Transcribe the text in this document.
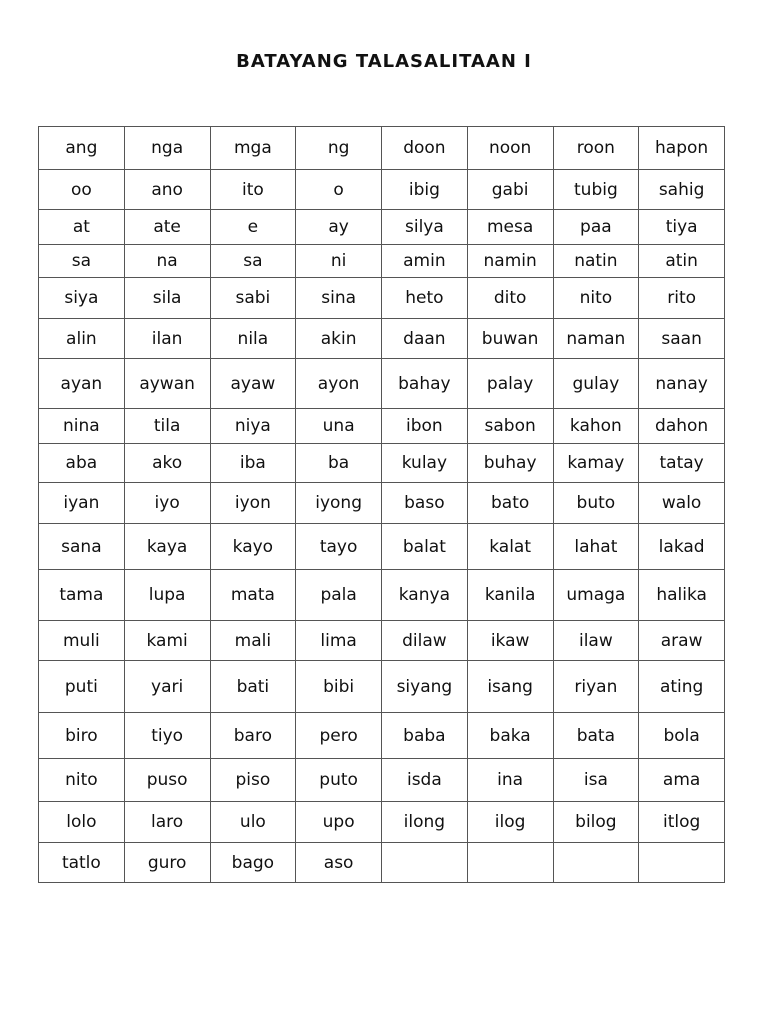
BATAYANG TALASALITAAN I
ang	nga	mga	ng	doon	noon	roon	hapon
oo	ano	ito	o	ibig	gabi	tubig	sahig
at	ate	e	ay	silya	mesa	paa	tiya
sa	na	sa	ni	amin	namin	natin	atin
siya	sila	sabi	sina	heto	dito	nito	rito
alin	ilan	nila	akin	daan	buwan	naman	saan
ayan	aywan	ayaw	ayon	bahay	palay	gulay	nanay
nina	tila	niya	una	ibon	sabon	kahon	dahon
aba	ako	iba	ba	kulay	buhay	kamay	tatay
iyan	iyo	iyon	iyong	baso	bato	buto	walo
sana	kaya	kayo	tayo	balat	kalat	lahat	lakad
tama	lupa	mata	pala	kanya	kanila	umaga	halika
muli	kami	mali	lima	dilaw	ikaw	ilaw	araw
puti	yari	bati	bibi	siyang	isang	riyan	ating
biro	tiyo	baro	pero	baba	baka	bata	bola
nito	puso	piso	puto	isda	ina	isa	ama
lolo	laro	ulo	upo	ilong	ilog	bilog	itlog
tatlo	guro	bago	aso				
